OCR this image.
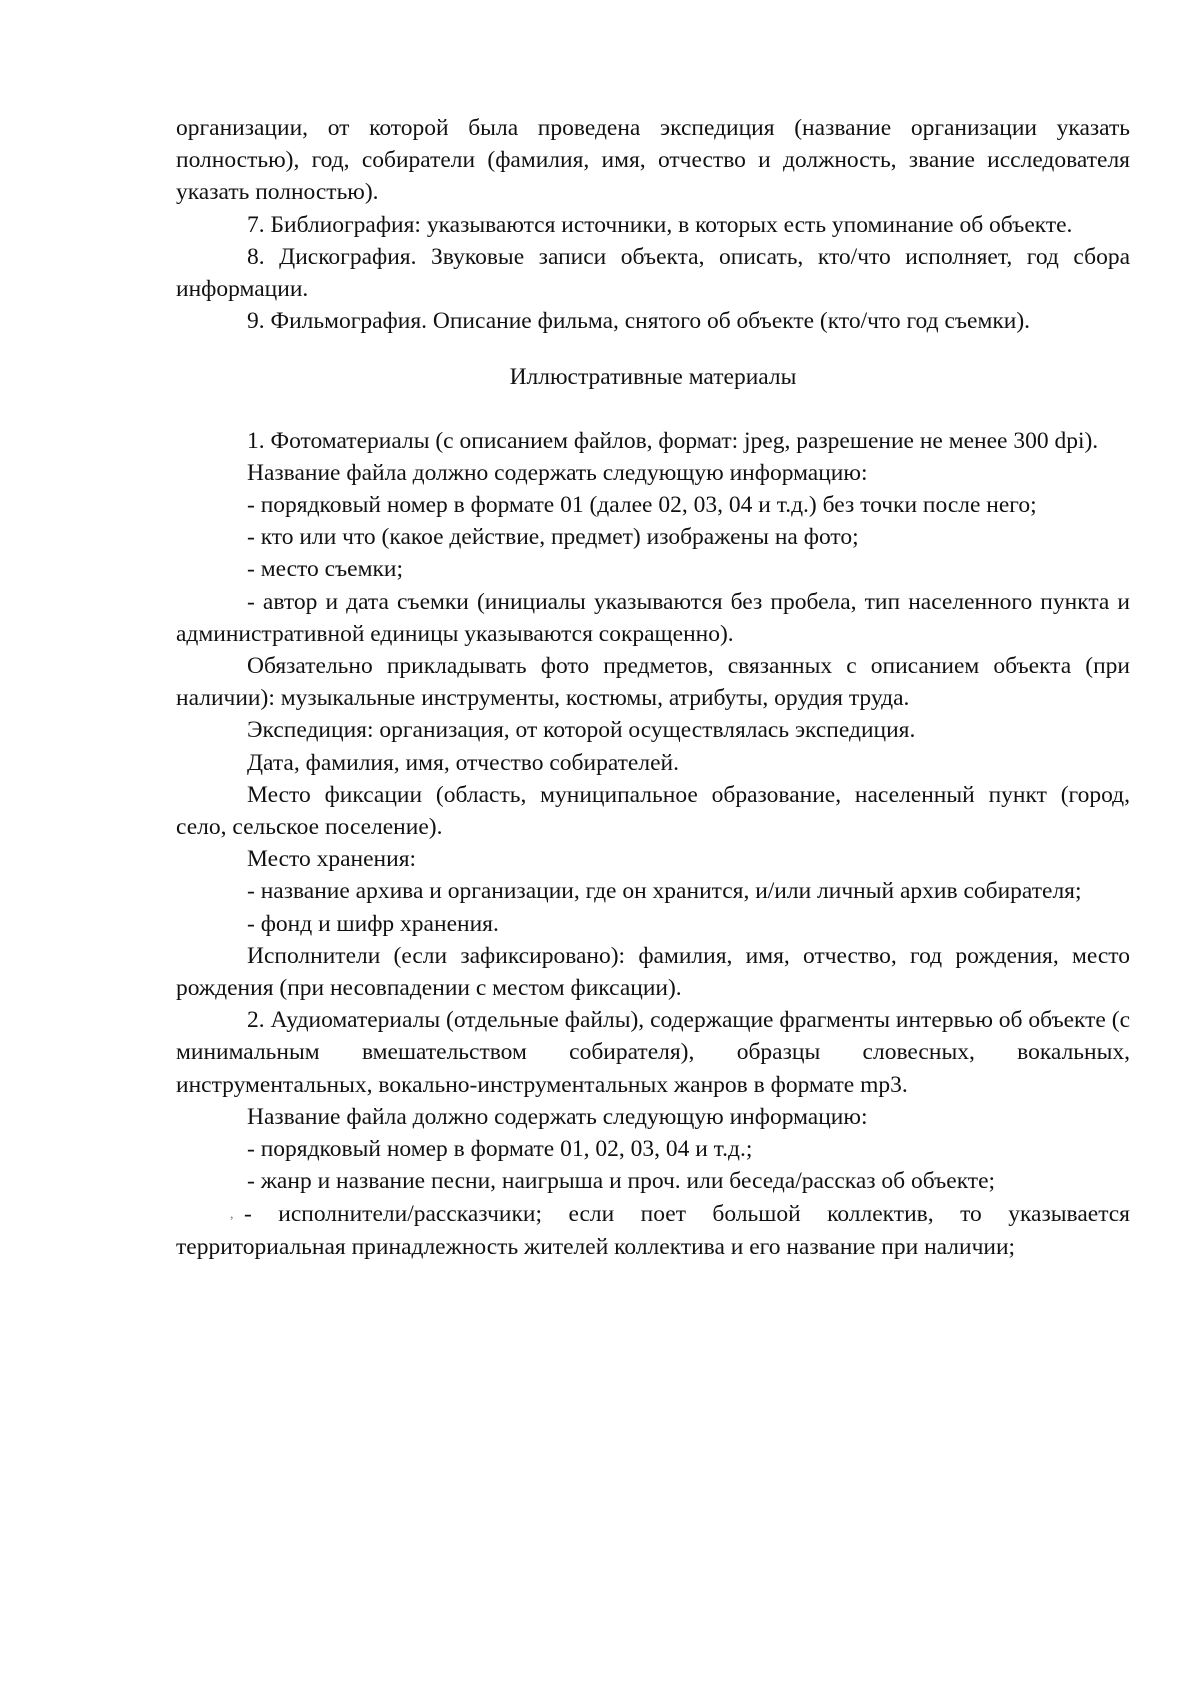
организации, от которой была проведена экспедиция (название организации указать полностью), год, собиратели (фамилия, имя, отчество и должность, звание исследователя указать полностью).

7. Библиография: указываются источники, в которых есть упоминание об объекте.

8. Дискография. Звуковые записи объекта, описать, кто/что исполняет, год сбора информации.

9. Фильмография. Описание фильма, снятого об объекте (кто/что год съемки).

Иллюстративные материалы

1. Фотоматериалы (с описанием файлов, формат: jpeg, разрешение не менее 300 dpi).

Название файла должно содержать следующую информацию:

- порядковый номер в формате 01 (далее 02, 03, 04 и т.д.) без точки после него;

- кто или что (какое действие, предмет) изображены на фото;

- место съемки;

- автор и дата съемки (инициалы указываются без пробела, тип населенного пункта и административной единицы указываются сокращенно).

Обязательно прикладывать фото предметов, связанных с описанием объекта (при наличии): музыкальные инструменты, костюмы, атрибуты, орудия труда.

Экспедиция: организация, от которой осуществлялась экспедиция.

Дата, фамилия, имя, отчество собирателей.

Место фиксации (область, муниципальное образование, населенный пункт (город, село, сельское поселение).

Место хранения:

- название архива и организации, где он хранится, и/или личный архив собирателя;

- фонд и шифр хранения.

Исполнители (если зафиксировано): фамилия, имя, отчество, год рождения, место рождения (при несовпадении с местом фиксации).

2. Аудиоматериалы (отдельные файлы), содержащие фрагменты интервью об объекте (с минимальным вмешательством собирателя), образцы словесных, вокальных, инструментальных, вокально-инструментальных жанров в формате mp3.

Название файла должно содержать следующую информацию:

- порядковый номер в формате 01, 02, 03, 04 и т.д.;

- жанр и название песни, наигрыша и проч. или беседа/рассказ об объекте;

, - исполнители/рассказчики; если поет большой коллектив, то указывается территориальная принадлежность жителей коллектива и его название при наличии;
